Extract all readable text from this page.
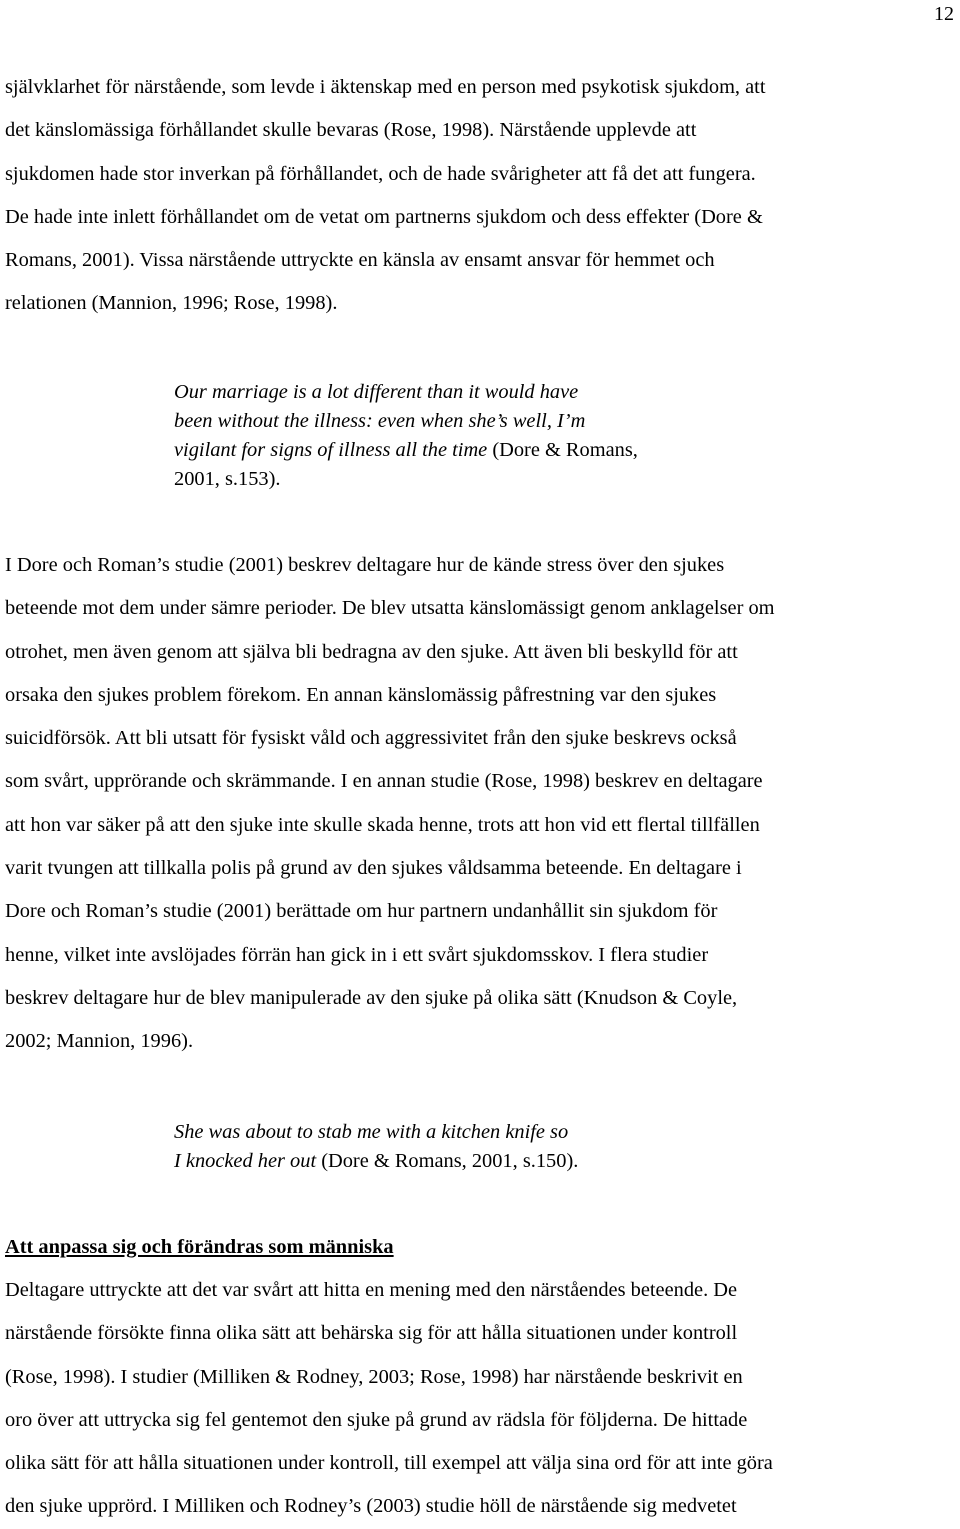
12
självklarhet för närstående, som levde i äktenskap med en person med psykotisk sjukdom, att
det känslomässiga förhållandet skulle bevaras (Rose, 1998). Närstående upplevde att
sjukdomen hade stor inverkan på förhållandet, och de hade svårigheter att få det att fungera.
De hade inte inlett förhållandet om de vetat om partnerns sjukdom och dess effekter (Dore &
Romans, 2001). Vissa närstående uttryckte en känsla av ensamt ansvar för hemmet och
relationen (Mannion, 1996; Rose, 1998).
Our marriage is a lot different than it would have
been without the illness: even when she’s well, I’m
vigilant for signs of illness all the time (Dore & Romans,
2001, s.153).
I Dore och Roman’s studie (2001) beskrev deltagare hur de kände stress över den sjukes
beteende mot dem under sämre perioder. De blev utsatta känslomässigt genom anklagelser om
otrohet, men även genom att själva bli bedragna av den sjuke. Att även bli beskylld för att
orsaka den sjukes problem förekom. En annan känslomässig påfrestning var den sjukes
suicidförsök. Att bli utsatt för fysiskt våld och aggressivitet från den sjuke beskrevs också
som svårt, upprörande och skrämmande. I en annan studie (Rose, 1998) beskrev en deltagare
att hon var säker på att den sjuke inte skulle skada henne, trots att hon vid ett flertal tillfällen
varit tvungen att tillkalla polis på grund av den sjukes våldsamma beteende. En deltagare i
Dore och Roman’s studie (2001) berättade om hur partnern undanhållit sin sjukdom för
henne, vilket inte avslöjades förrän han gick in i ett svårt sjukdomsskov. I flera studier
beskrev deltagare hur de blev manipulerade av den sjuke på olika sätt (Knudson & Coyle,
2002; Mannion, 1996).
She was about to stab me with a kitchen knife so
I knocked her out (Dore & Romans, 2001, s.150).
Att anpassa sig och förändras som människa
Deltagare uttryckte att det var svårt att hitta en mening med den närståendes beteende. De
närstående försökte finna olika sätt att behärska sig för att hålla situationen under kontroll
(Rose, 1998). I studier (Milliken & Rodney, 2003; Rose, 1998) har närstående beskrivit en
oro över att uttrycka sig fel gentemot den sjuke på grund av rädsla för följderna. De hittade
olika sätt för att hålla situationen under kontroll, till exempel att välja sina ord för att inte göra
den sjuke upprörd. I Milliken och Rodney’s (2003) studie höll de närstående sig medvetet
